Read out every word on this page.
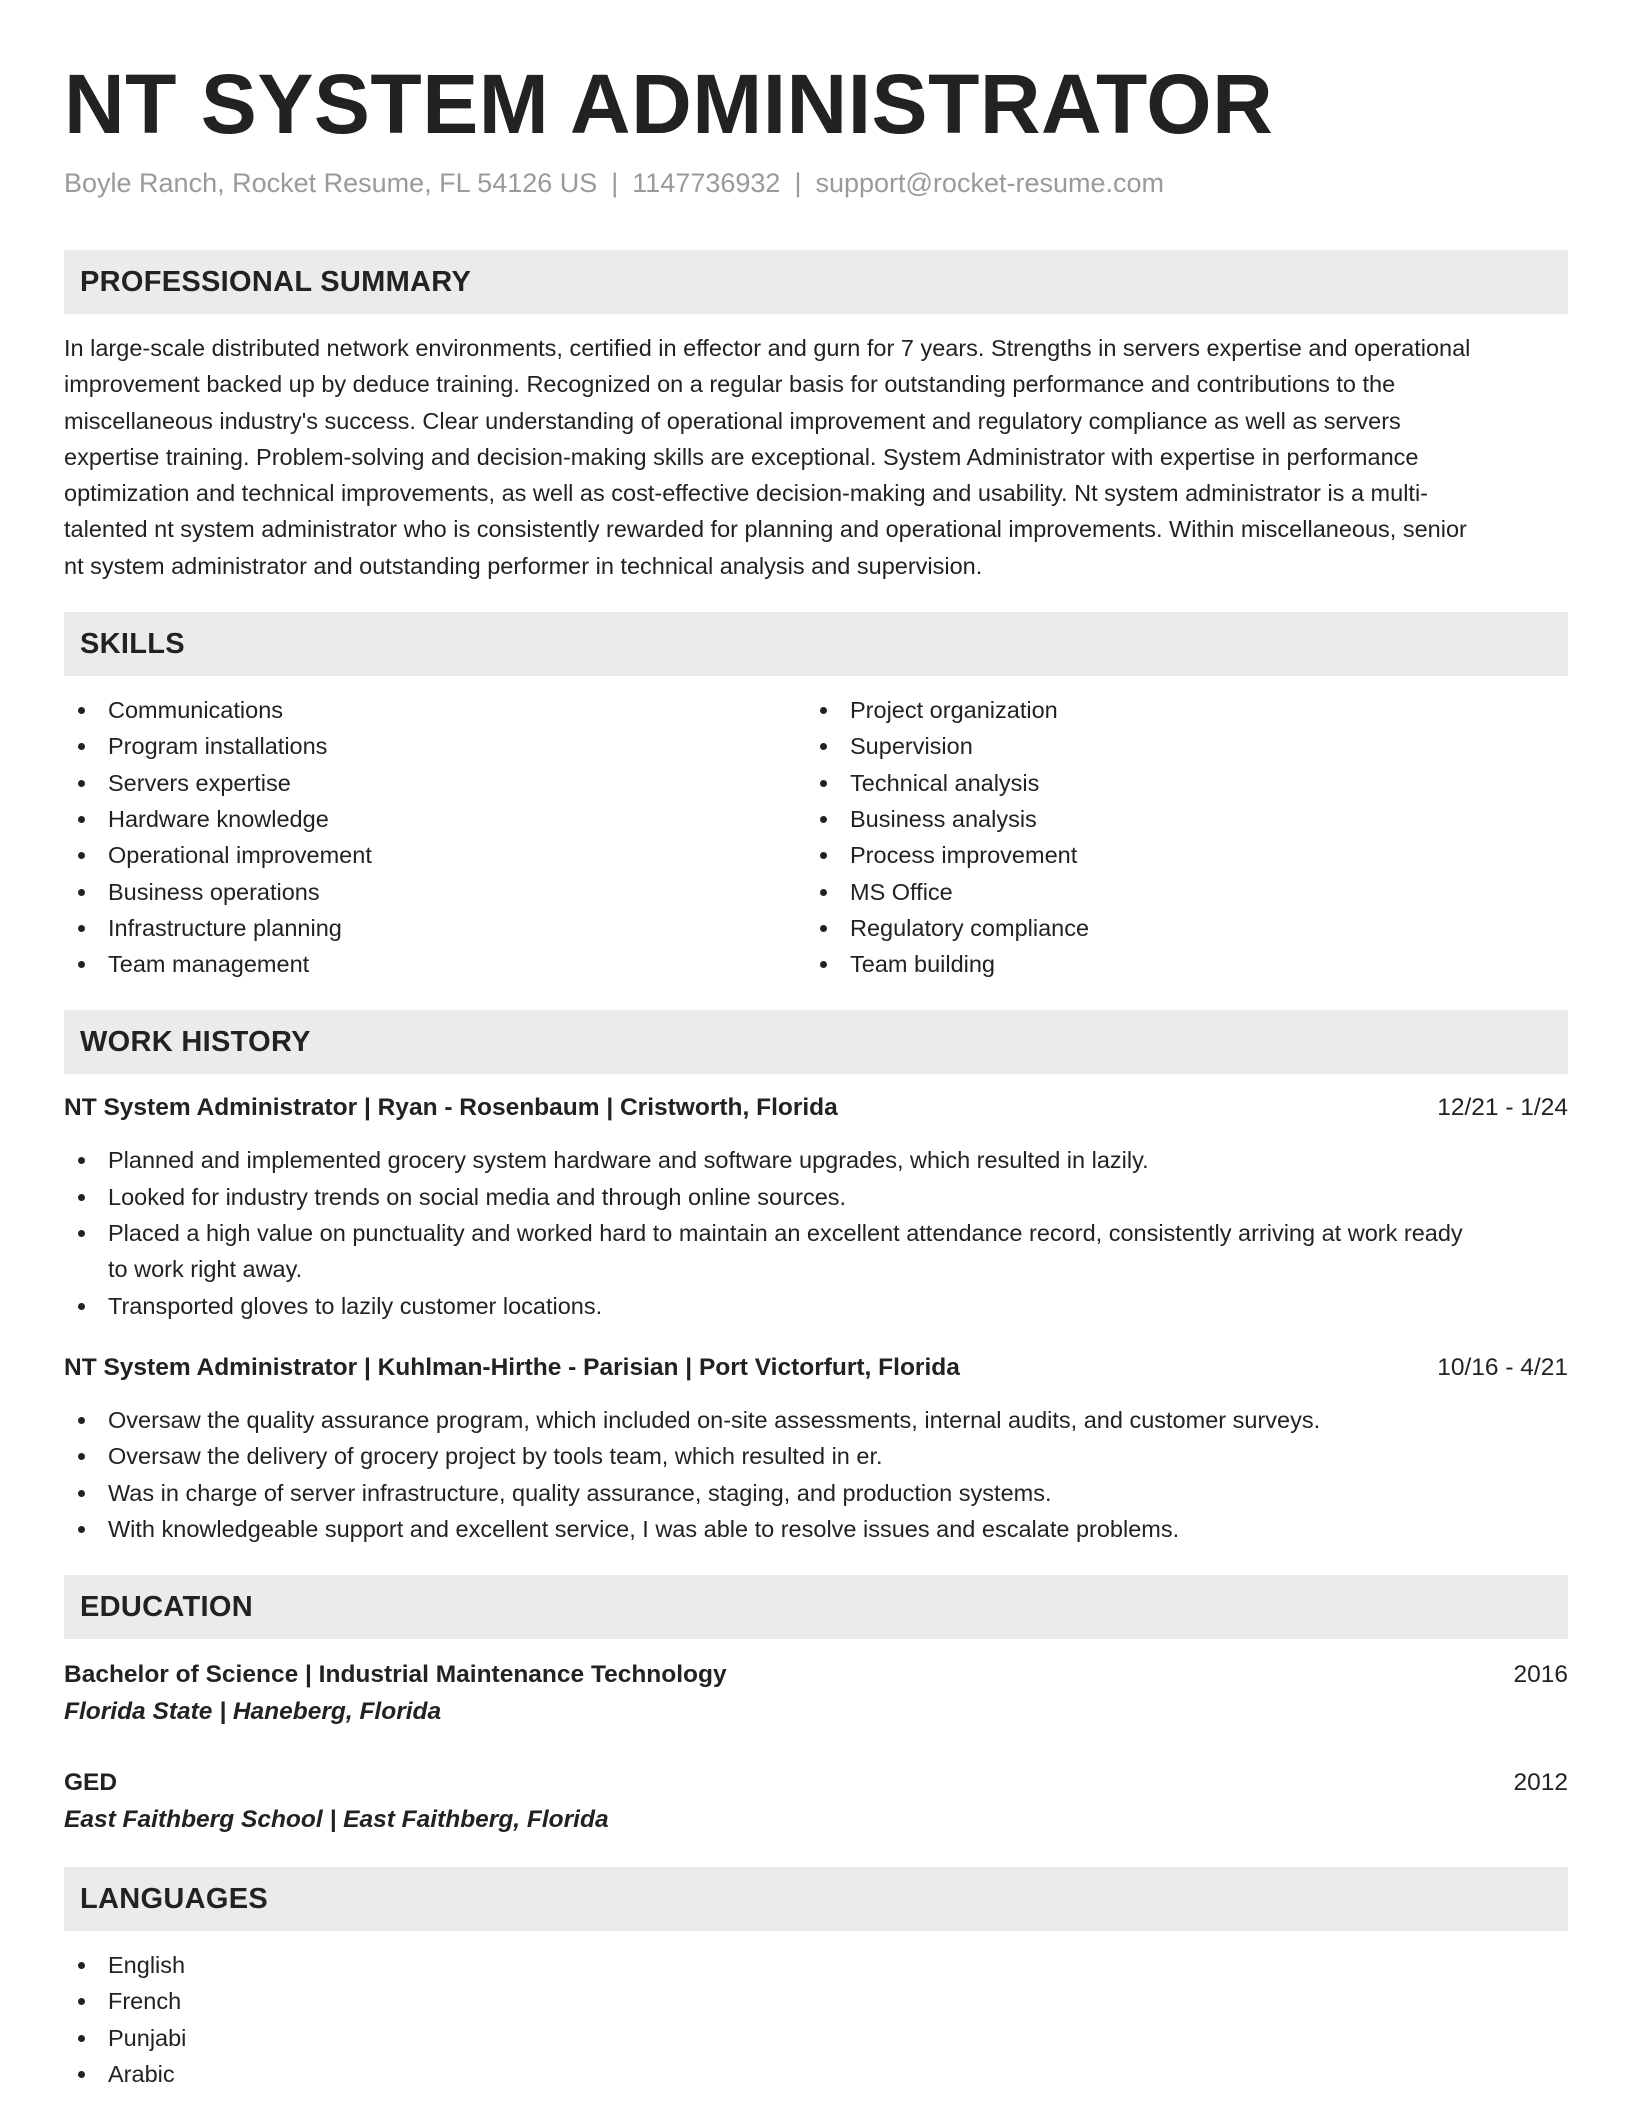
NT SYSTEM ADMINISTRATOR
Boyle Ranch, Rocket Resume, FL 54126 US | 1147736932 | support@rocket-resume.com
PROFESSIONAL SUMMARY

In large-scale distributed network environments, certified in effector and gurn for 7 years. Strengths in servers expertise and operational
improvement backed up by deduce training. Recognized on a regular basis for outstanding performance and contributions to the
miscellaneous industry's success. Clear understanding of operational improvement and regulatory compliance as well as servers
expertise training. Problem-solving and decision-making skills are exceptional. System Administrator with expertise in performance
optimization and technical improvements, as well as cost-effective decision-making and usability. Nt system administrator is a multi-
talented nt system administrator who is consistently rewarded for planning and operational improvements. Within miscellaneous, senior
nt system administrator and outstanding performer in technical analysis and supervision.

SKILLS
Communications
Program installations
Servers expertise
Hardware knowledge
Operational improvement
Business operations
Infrastructure planning
Team management
Project organization
Supervision
Technical analysis
Business analysis
Process improvement
MS Office
Regulatory compliance
Team building
WORK HISTORY
NT System Administrator | Ryan - Rosenbaum | Cristworth, Florida	12/21 - 1/24
Planned and implemented grocery system hardware and software upgrades, which resulted in lazily.
Looked for industry trends on social media and through online sources.
Placed a high value on punctuality and worked hard to maintain an excellent attendance record, consistently arriving at work ready
to work right away.
Transported gloves to lazily customer locations.
NT System Administrator | Kuhlman-Hirthe - Parisian | Port Victorfurt, Florida	10/16 - 4/21
Oversaw the quality assurance program, which included on-site assessments, internal audits, and customer surveys.
Oversaw the delivery of grocery project by tools team, which resulted in er.
Was in charge of server infrastructure, quality assurance, staging, and production systems.
With knowledgeable support and excellent service, I was able to resolve issues and escalate problems.
EDUCATION
Bachelor of Science | Industrial Maintenance Technology	2016
Florida State | Haneberg, Florida
GED	2012
East Faithberg School | East Faithberg, Florida
LANGUAGES
English
French
Punjabi
Arabic
